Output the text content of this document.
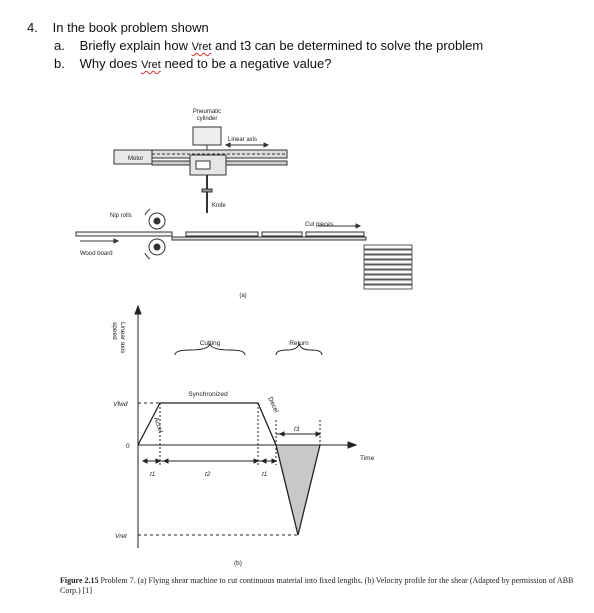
4. In the book problem shown
a. Briefly explain how Vret and t3 can be determined to solve the problem
b. Why does Vret need to be a negative value?
Pneumatic
cylinder
Linear axis
Motor
Knife
Nip rolls
Cut pieces
Wood board
(a)
Linear axis
speed
Cutting	Return
Synchronized
Accel
Decel
Vfwd
0
Vret
Time
t1	t2	t1
t3
(b)
Figure 2.15 Problem 7. (a) Flying shear machine to cut continuous material into fixed lengths. (b) Velocity profile for the shear (Adapted by permission of ABB Corp.) [1]
